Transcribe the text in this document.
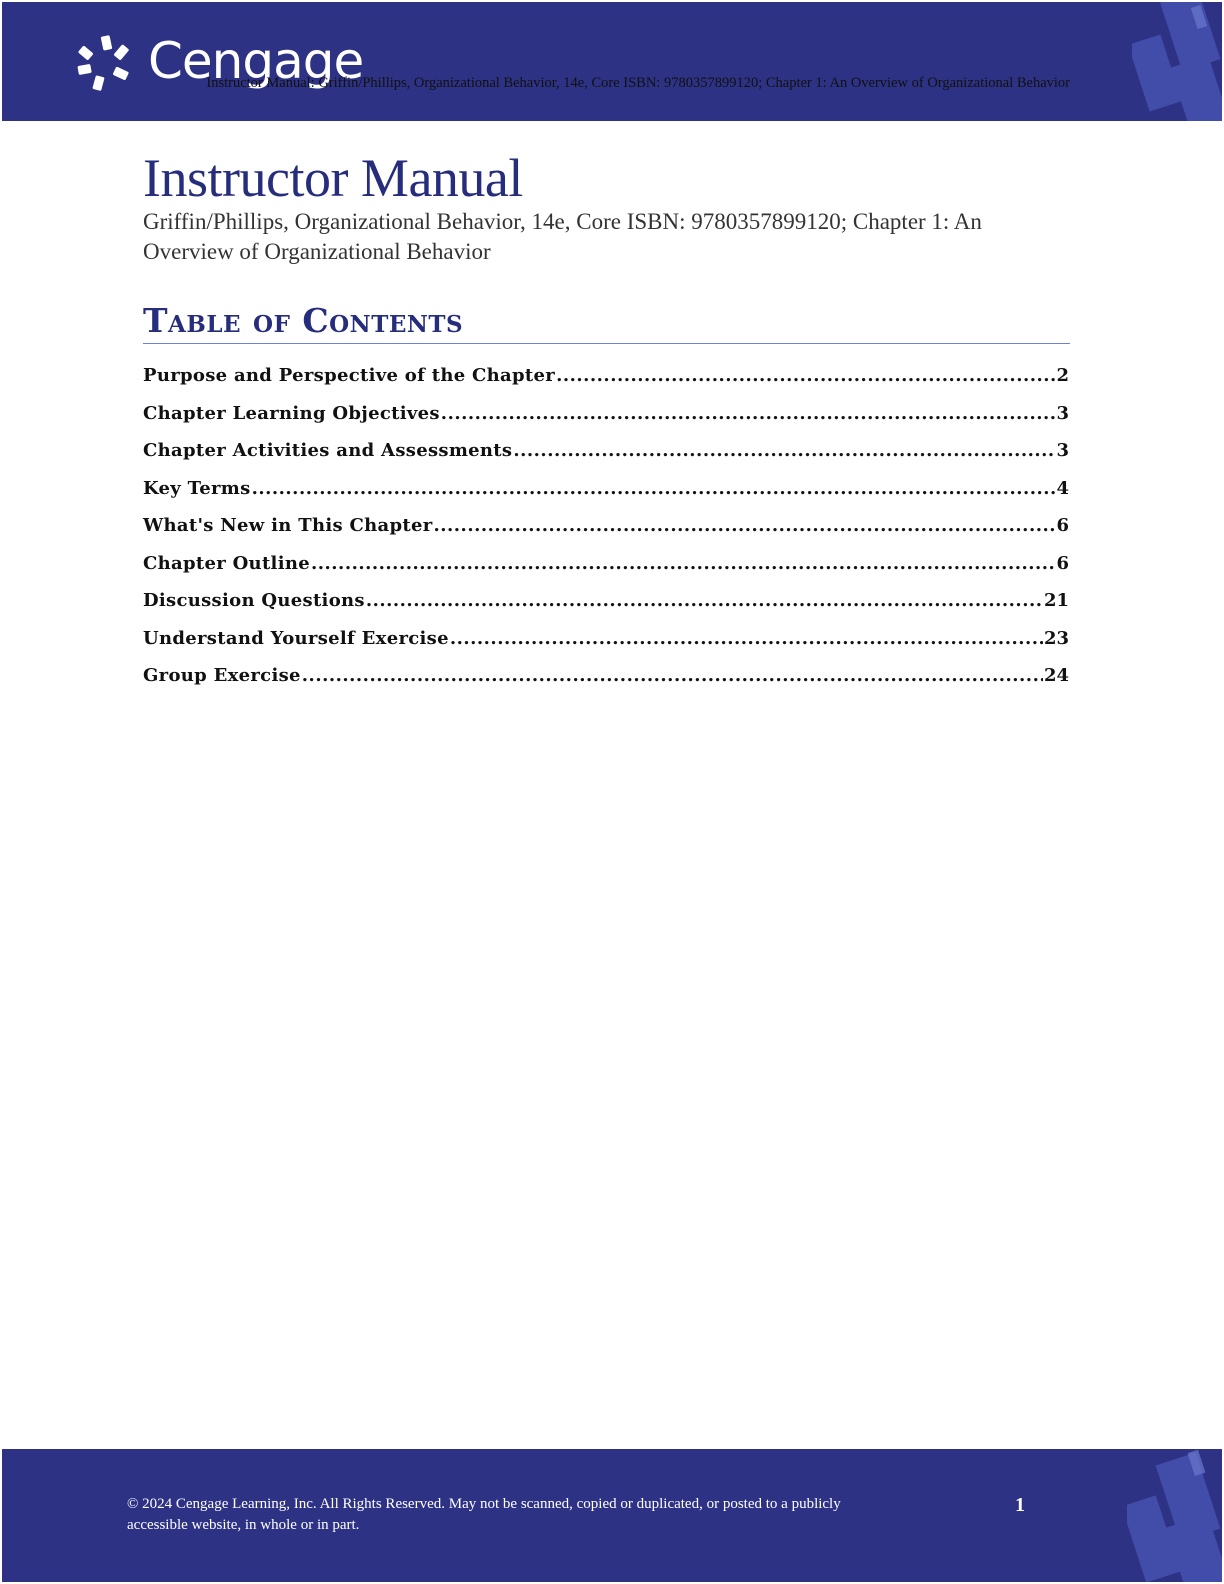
Cengage
Instructor Manual: Griffin/Phillips, Organizational Behavior, 14e, Core ISBN: 9780357899120; Chapter 1: An Overview of Organizational Behavior
Instructor Manual

Griffin/Phillips, Organizational Behavior, 14e, Core ISBN: 9780357899120; Chapter 1: An Overview of Organizational Behavior

Table of Contents
Purpose and Perspective of the Chapter .....	2
Chapter Learning Objectives .....	3
Chapter Activities and Assessments .....	3
Key Terms .....	4
What's New in This Chapter .....	6
Chapter Outline .....	6
Discussion Questions .....	21
Understand Yourself Exercise .....	23
Group Exercise .....	24

© 2024 Cengage Learning, Inc. All Rights Reserved. May not be scanned, copied or duplicated, or posted to a publicly accessible website, in whole or in part.

1
